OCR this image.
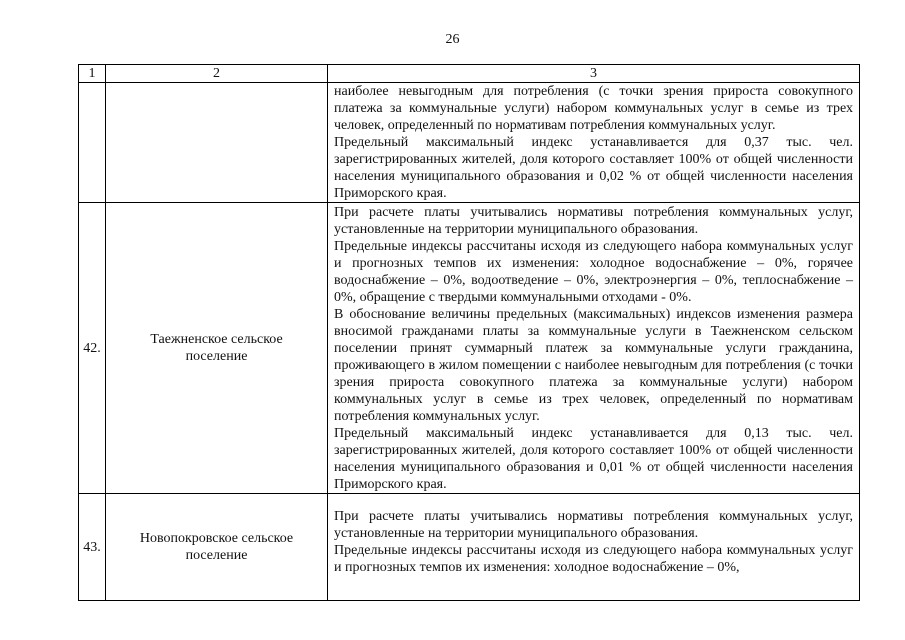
26
1	2	3

		наиболее невыгодным для потребления (с точки зрения прироста совокупного платежа за коммунальные услуги) набором коммунальных услуг в семье из трех человек, определенный по нормативам потребления коммунальных услуг.

Предельный максимальный индекс устанавливается для 0,37 тыс. чел. зарегистрированных жителей, доля которого составляет 100% от общей численности населения муниципального образования и 0,02 % от общей численности населения Приморского края.

42.	Таежненское сельское поселение	При расчете платы учитывались нормативы потребления коммунальных услуг, установленные на территории муниципального образования.

Предельные индексы рассчитаны исходя из следующего набора коммунальных услуг и прогнозных темпов их изменения: холодное водоснабжение – 0%, горячее водоснабжение – 0%, водоотведение – 0%, электроэнергия – 0%, теплоснабжение – 0%, обращение с твердыми коммунальными отходами - 0%.

В обоснование величины предельных (максимальных) индексов изменения размера вносимой гражданами платы за коммунальные услуги в Таежненском сельском поселении принят суммарный платеж за коммунальные услуги гражданина, проживающего в жилом помещении с наиболее невыгодным для потребления (с точки зрения прироста совокупного платежа за коммунальные услуги) набором коммунальных услуг в семье из трех человек, определенный по нормативам потребления коммунальных услуг.

Предельный максимальный индекс устанавливается для 0,13 тыс. чел. зарегистрированных жителей, доля которого составляет 100% от общей численности населения муниципального образования и 0,01 % от общей численности населения Приморского края.

43.	Новопокровское сельское поселение	При расчете платы учитывались нормативы потребления коммунальных услуг, установленные на территории муниципального образования.

Предельные индексы рассчитаны исходя из следующего набора коммунальных услуг и прогнозных темпов их изменения: холодное водоснабжение – 0%,
